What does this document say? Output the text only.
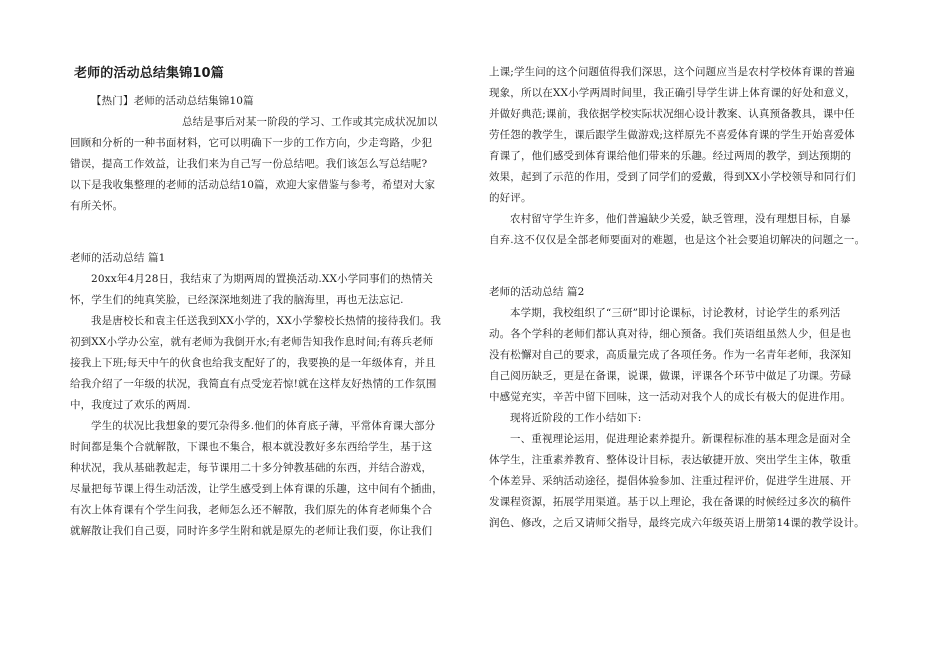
老师的活动总结集锦10篇
【热门】老师的活动总结集锦10篇
总结是事后对某一阶段的学习、工作或其完成状况加以
回顾和分析的一种书面材料，它可以明确下一步的工作方向，少走弯路，少犯
错误，提高工作效益，让我们来为自己写一份总结吧。我们该怎么写总结呢?
以下是我收集整理的老师的活动总结10篇，欢迎大家借鉴与参考，希望对大家
有所关怀。
老师的活动总结 篇1
20xx年4月28日，我结束了为期两周的置换活动.XX小学同事们的热情关
怀，学生们的纯真笑脸，已经深深地刻进了我的脑海里，再也无法忘记.
我是唐校长和袁主任送我到XX小学的，XX小学黎校长热情的接待我们。我
初到XX小学办公室，就有老师为我倒开水;有老师告知我作息时间;有蒋兵老师
接我上下班;每天中午的伙食也给我支配好了的，我要换的是一年级体育，并且
给我介绍了一年级的状况，我简直有点受宠若惊!就在这样友好热情的工作氛围
中，我度过了欢乐的两周.
学生的状况比我想象的要冗杂得多.他们的体育底子薄，平常体育课大部分
时间都是集个合就解散，下课也不集合，根本就没教好多东西给学生，基于这
种状况，我从基础教起走，每节课用二十多分钟教基础的东西，并结合游戏，
尽量把每节课上得生动活泼，让学生感受到上体育课的乐趣，这中间有个插曲，
有次上体育课有个学生问我，老师怎么还不解散，我们原先的体育老师集个合
就解散让我们自己耍，同时许多学生附和就是原先的老师让我们耍，你让我们
上课;学生问的这个问题值得我们深思，这个问题应当是农村学校体育课的普遍
现象，所以在XX小学两周时间里，我正确引导学生讲上体育课的好处和意义，
并做好典范;课前，我依据学校实际状况细心设计教案、认真预备教具，课中任
劳任怨的教学生，课后跟学生做游戏;这样原先不喜爱体育课的学生开始喜爱体
育课了，他们感受到体育课给他们带来的乐趣。经过两周的教学，到达预期的
效果，起到了示范的作用，受到了同学们的爱戴，得到XX小学校领导和同行们
的好评。
农村留守学生许多，他们普遍缺少关爱，缺乏管理，没有理想目标，自暴
自弃.这不仅仅是全部老师要面对的难题，也是这个社会要追切解决的问题之一。
老师的活动总结 篇2
本学期，我校组织了“三研”即讨论课标，讨论教材，讨论学生的系列活
动。各个学科的老师们都认真对待，细心预备。我们英语组虽然人少，但是也
没有松懈对自己的要求，高质量完成了各项任务。作为一名青年老师，我深知
自己阅历缺乏，更是在备课，说课，做课，评课各个环节中做足了功课。劳碌
中感觉充实，辛苦中留下回味，这一活动对我个人的成长有极大的促进作用。
现将近阶段的工作小结如下:
一、重视理论运用，促进理论素养提升。新课程标准的基本理念是面对全
体学生，注重素养教育、整体设计目标，表达敏捷开放、突出学生主体，敬重
个体差异、采纳活动途径，提倡体验参加、注重过程评价，促进学生进展、开
发课程资源，拓展学用渠道。基于以上理论，我在备课的时候经过多次的稿件
润色、修改，之后又请师父指导，最终完成六年级英语上册第14课的教学设计。
